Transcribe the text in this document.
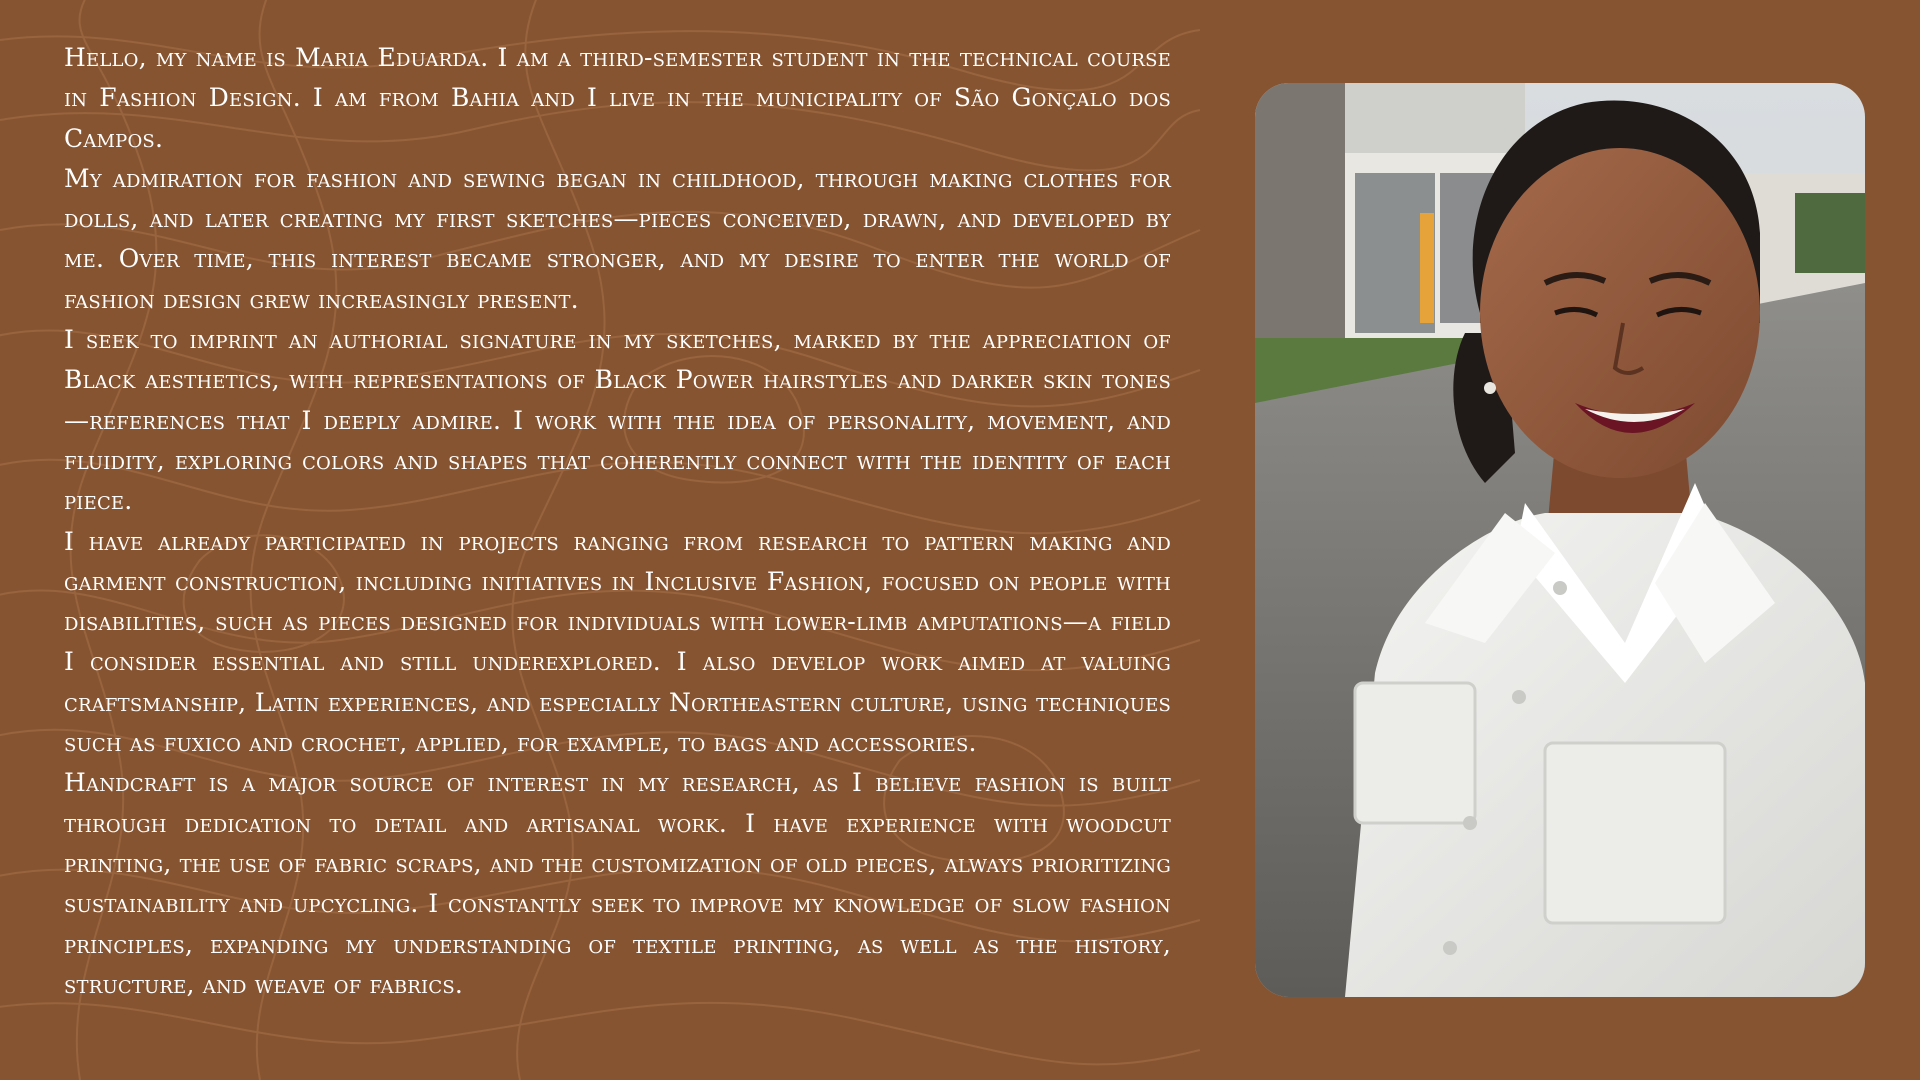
Hello, my name is Maria Eduarda. I am a third-semester student in the technical course in Fashion Design. I am from Bahia and I live in the municipality of São Gonçalo dos Campos.

My admiration for fashion and sewing began in childhood, through making clothes for dolls, and later creating my first sketches—pieces conceived, drawn, and developed by me. Over time, this interest became stronger, and my desire to enter the world of fashion design grew increasingly present.

I seek to imprint an authorial signature in my sketches, marked by the appreciation of Black aesthetics, with representations of Black Power hairstyles and darker skin tones—references that I deeply admire. I work with the idea of personality, movement, and fluidity, exploring colors and shapes that coherently connect with the identity of each piece.

I have already participated in projects ranging from research to pattern making and garment construction, including initiatives in Inclusive Fashion, focused on people with disabilities, such as pieces designed for individuals with lower-limb amputations—a field I consider essential and still underexplored. I also develop work aimed at valuing craftsmanship, Latin experiences, and especially Northeastern culture, using techniques such as fuxico and crochet, applied, for example, to bags and accessories.

Handcraft is a major source of interest in my research, as I believe fashion is built through dedication to detail and artisanal work. I have experience with woodcut printing, the use of fabric scraps, and the customization of old pieces, always prioritizing sustainability and upcycling. I constantly seek to improve my knowledge of slow fashion principles, expanding my understanding of textile printing, as well as the history, structure, and weave of fabrics.
